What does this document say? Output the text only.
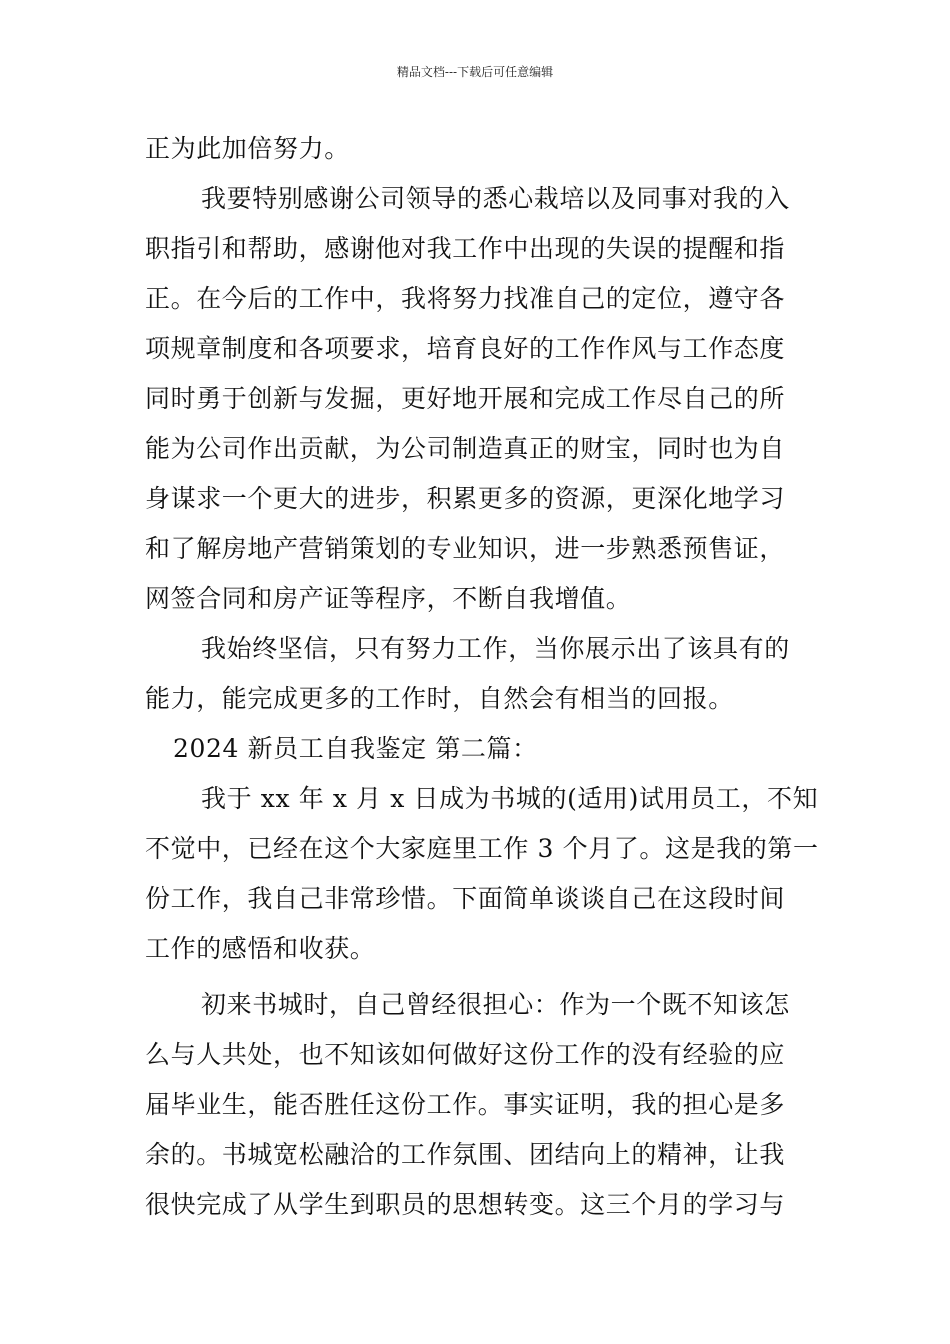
精品文档---下载后可任意编辑
正为此加倍努力。
我要特别感谢公司领导的悉心栽培以及同事对我的入
职指引和帮助，感谢他对我工作中出现的失误的提醒和指
正。在今后的工作中，我将努力找准自己的定位，遵守各
项规章制度和各项要求，培育良好的工作作风与工作态度
同时勇于创新与发掘，更好地开展和完成工作尽自己的所
能为公司作出贡献，为公司制造真正的财宝，同时也为自
身谋求一个更大的进步，积累更多的资源，更深化地学习
和了解房地产营销策划的专业知识，进一步熟悉预售证，
网签合同和房产证等程序，不断自我增值。
我始终坚信，只有努力工作，当你展示出了该具有的
能力，能完成更多的工作时，自然会有相当的回报。
2024 新员工自我鉴定 第二篇：
我于 xx 年 x 月 x 日成为书城的(适用)试用员工，不知
不觉中，已经在这个大家庭里工作 3 个月了。这是我的第一
份工作，我自己非常珍惜。下面简单谈谈自己在这段时间
工作的感悟和收获。
初来书城时，自己曾经很担心：作为一个既不知该怎
么与人共处，也不知该如何做好这份工作的没有经验的应
届毕业生，能否胜任这份工作。事实证明，我的担心是多
余的。书城宽松融洽的工作氛围、团结向上的精神，让我
很快完成了从学生到职员的思想转变。这三个月的学习与
